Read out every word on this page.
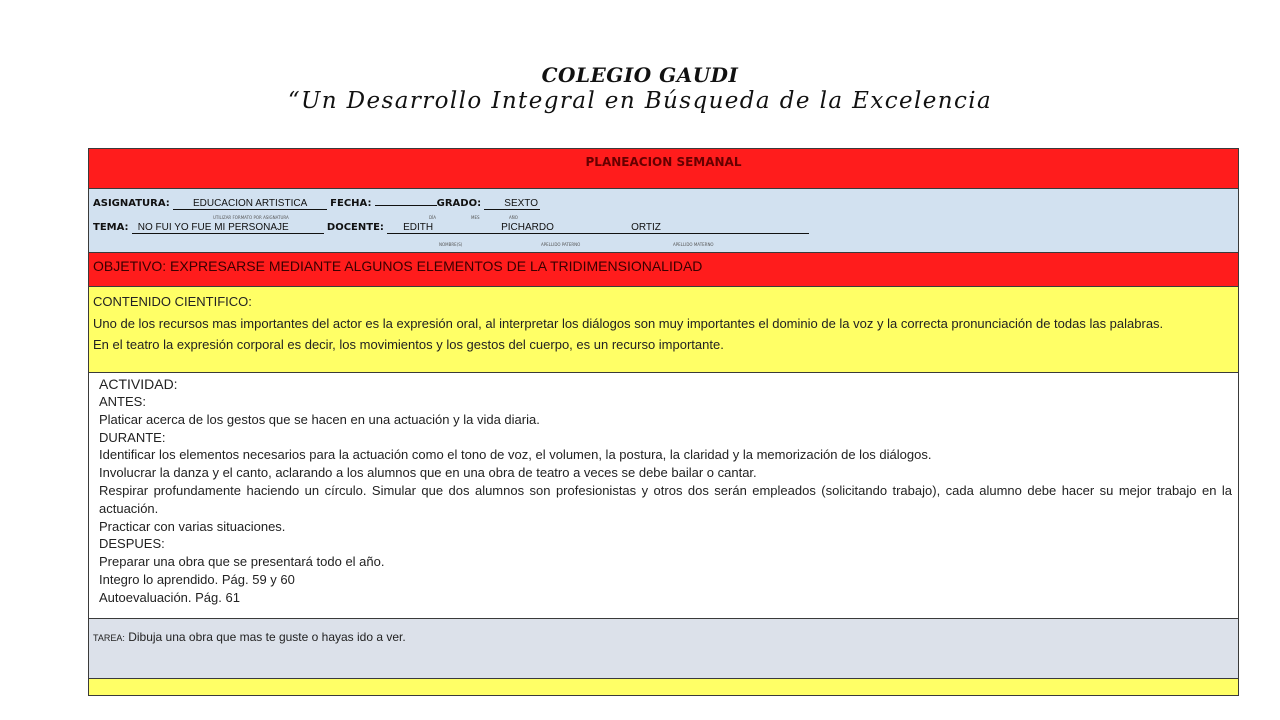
COLEGIO GAUDI
“Un Desarrollo Integral en Búsqueda de la Excelencia
PLANEACION SEMANAL
ASIGNATURA: EDUCACION ARTISTICA FECHA:	GRADO: SEXTO
UTILIZAR FORMATO POR ASIGNATURA	DÍA	MES	AÑO
TEMA: NO FUI YO FUE MI PERSONAJE	DOCENTE: EDITH	PICHARDO	ORTIZ
NOMBRE(S)	APELLIDO PATERNO	APELLIDO MATERNO
OBJETIVO: EXPRESARSE MEDIANTE ALGUNOS ELEMENTOS DE LA TRIDIMENSIONALIDAD
CONTENIDO CIENTIFICO:
Uno de los recursos mas importantes del actor es la expresión oral, al interpretar los diálogos son muy importantes el dominio de la voz y la correcta pronunciación de todas las palabras.
En el teatro la expresión corporal es decir, los movimientos y los gestos del cuerpo, es un recurso importante.
ACTIVIDAD:
ANTES:
Platicar acerca de los gestos que se hacen en una actuación y la vida diaria.
DURANTE:
Identificar los elementos necesarios para la actuación como el tono de voz, el volumen, la postura, la claridad y la memorización de los diálogos.
Involucrar la danza y el canto, aclarando a los alumnos que en una obra de teatro a veces se debe bailar o cantar.
Respirar profundamente haciendo un círculo. Simular que dos alumnos son profesionistas y otros dos serán empleados (solicitando trabajo), cada alumno debe hacer su mejor trabajo en la actuación.
Practicar con varias situaciones.
DESPUES:
Preparar una obra que se presentará todo el año.
Integro lo aprendido. Pág. 59 y 60
Autoevaluación. Pág. 61
TAREA: Dibuja una obra que mas te guste o hayas ido a ver.
